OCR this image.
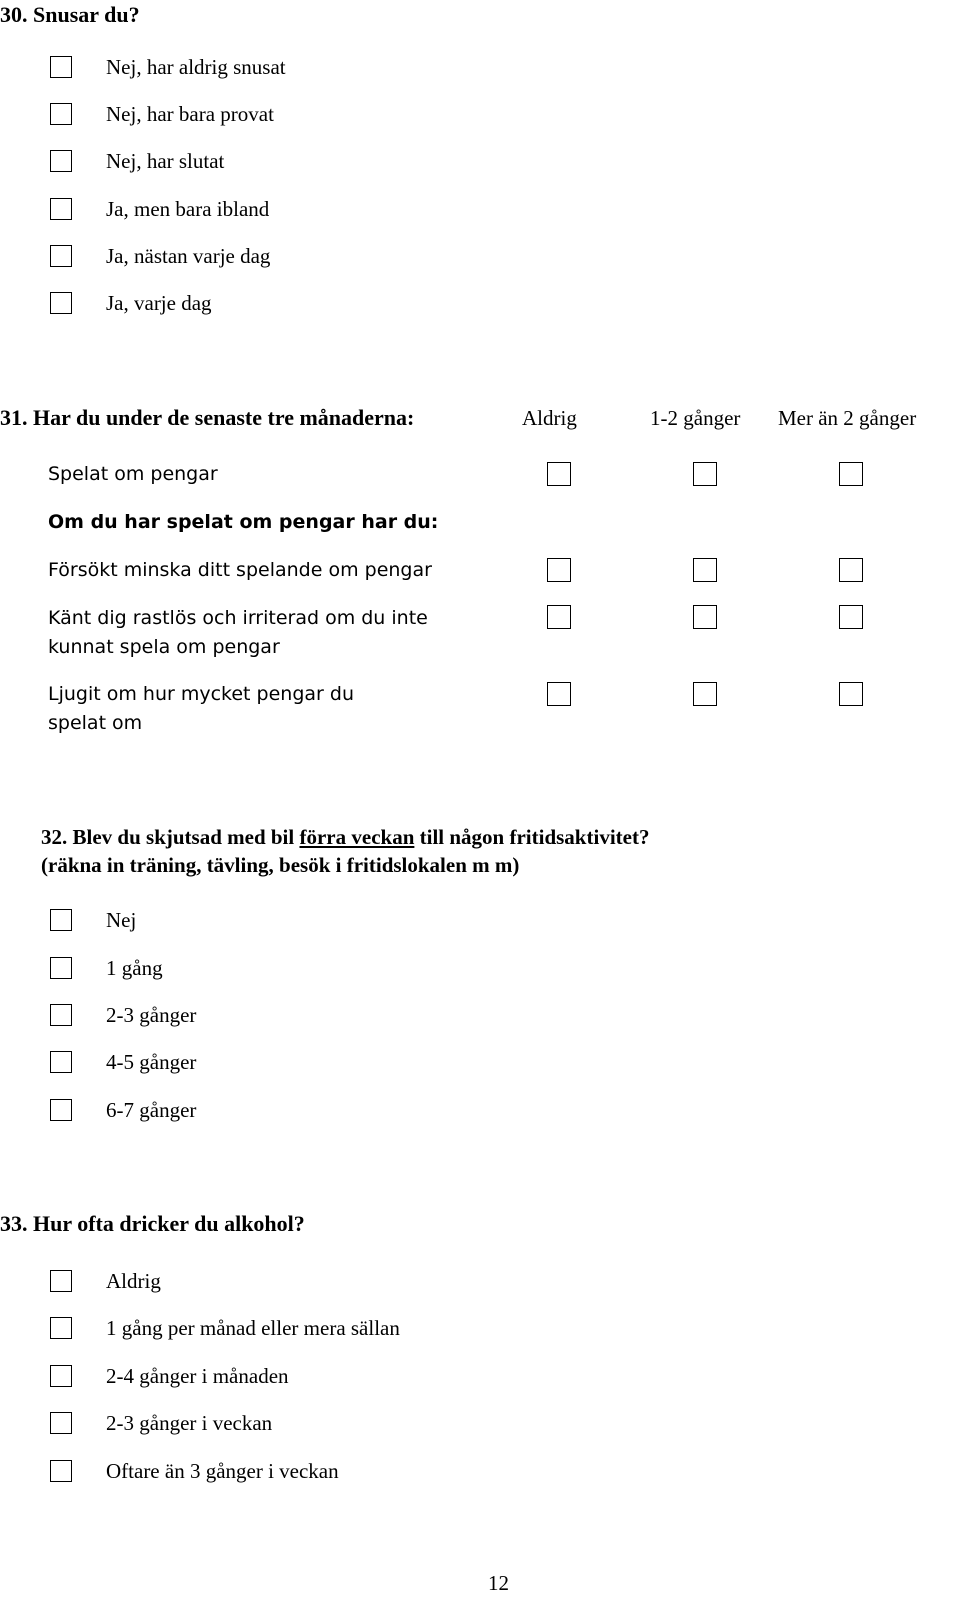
30. Snusar du?
Nej, har aldrig snusat
Nej, har bara provat
Nej, har slutat
Ja, men bara ibland
Ja, nästan varje dag
Ja, varje dag
31. Har du under de senaste tre månaderna:	Aldrig	1-2 gånger Mer än 2 gånger
Spelat om pengar
Om du har spelat om pengar har du:
Försökt minska ditt spelande om pengar
Känt dig rastlös och irriterad om du inte kunnat spela om pengar
Ljugit om hur mycket pengar du spelat om
32. Blev du skjutsad med bil förra veckan till någon fritidsaktivitet?
(räkna in träning, tävling, besök i fritidslokalen m m)
Nej
1 gång
2-3 gånger
4-5 gånger
6-7 gånger
33. Hur ofta dricker du alkohol?
Aldrig
1 gång per månad eller mera sällan
2-4 gånger i månaden
2-3 gånger i veckan
Oftare än 3 gånger i veckan
12
